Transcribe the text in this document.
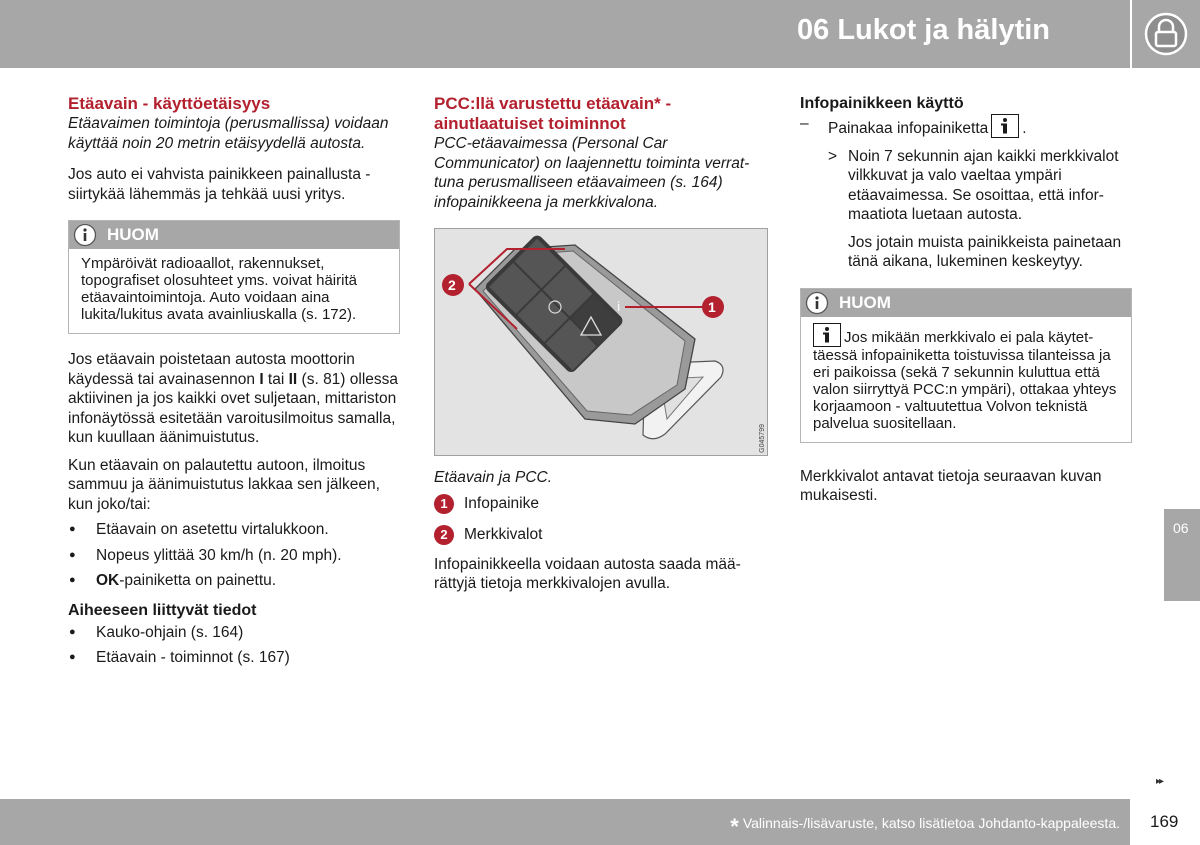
06 Lukot ja hälytin
Etäavain - käyttöetäisyys

Etäavaimen toimintoja (perusmallissa) voidaan käyttää noin 20 metrin etäisyydellä autosta.

Jos auto ei vahvista painikkeen painallusta - siirtykää lähemmäs ja tehkää uusi yritys.

HUOM
Ympäröivät radioaallot, rakennukset, topografiset olosuhteet yms. voivat häiritä etäavaintoimintoja. Auto voidaan aina lukita/lukitus avata avainliuskalla (s. 172).

Jos etäavain poistetaan autosta moottorin käydessä tai avainasennon I tai II (s. 81) ollessa aktiivinen ja jos kaikki ovet suljetaan, mittariston infonäytössä esitetään varoitusilmoitus samalla, kun kuullaan äänimuistutus.

Kun etäavain on palautettu autoon, ilmoitus sammuu ja äänimuistutus lakkaa sen jälkeen, kun joko/tai:

● Etäavain on asetettu virtalukkoon.
● Nopeus ylittää 30 km/h (n. 20 mph).
● OK-painiketta on painettu.
Aiheeseen liittyvät tiedot
● Kauko-ohjain (s. 164)
● Etäavain - toiminnot (s. 167)
PCC:llä varustettu etäavain* - ainutlaatuiset toiminnot

PCC-etäavaimessa (Personal Car Communicator) on laajennettu toiminta verrattuna perusmalliseen etäavaimeen (s. 164) infopainikkeena ja merkkivalona.

i
2
1
G045799

Etäavain ja PCC.

1	Infopainike
2	Merkkivalot

Infopainikkeella voidaan autosta saada määrättyjä tietoja merkkivalojen avulla.

Infopainikkeen käyttö
– Painakaa infopainiketta .
> Noin 7 sekunnin ajan kaikki merkkivalot vilkkuvat ja valo vaeltaa ympäri etäavaimessa. Se osoittaa, että informaatiota luetaan autosta.

Jos jotain muista painikkeista painetaan tänä aikana, lukeminen keskeytyy.

HUOM
Jos mikään merkkivalo ei pala käytettäessä infopainiketta toistuvissa tilanteissa ja eri paikoissa (sekä 7 sekunnin kuluttua että valon siirryttyä PCC:n ympäri), ottakaa yhteys korjaamoon - valtuutettua Volvon teknistä palvelua suositellaan.

Merkkivalot antavat tietoja seuraavan kuvan mukaisesti.

06
▸▸
* Valinnais-/lisävaruste, katso lisätietoa Johdanto-kappaleesta. 169
